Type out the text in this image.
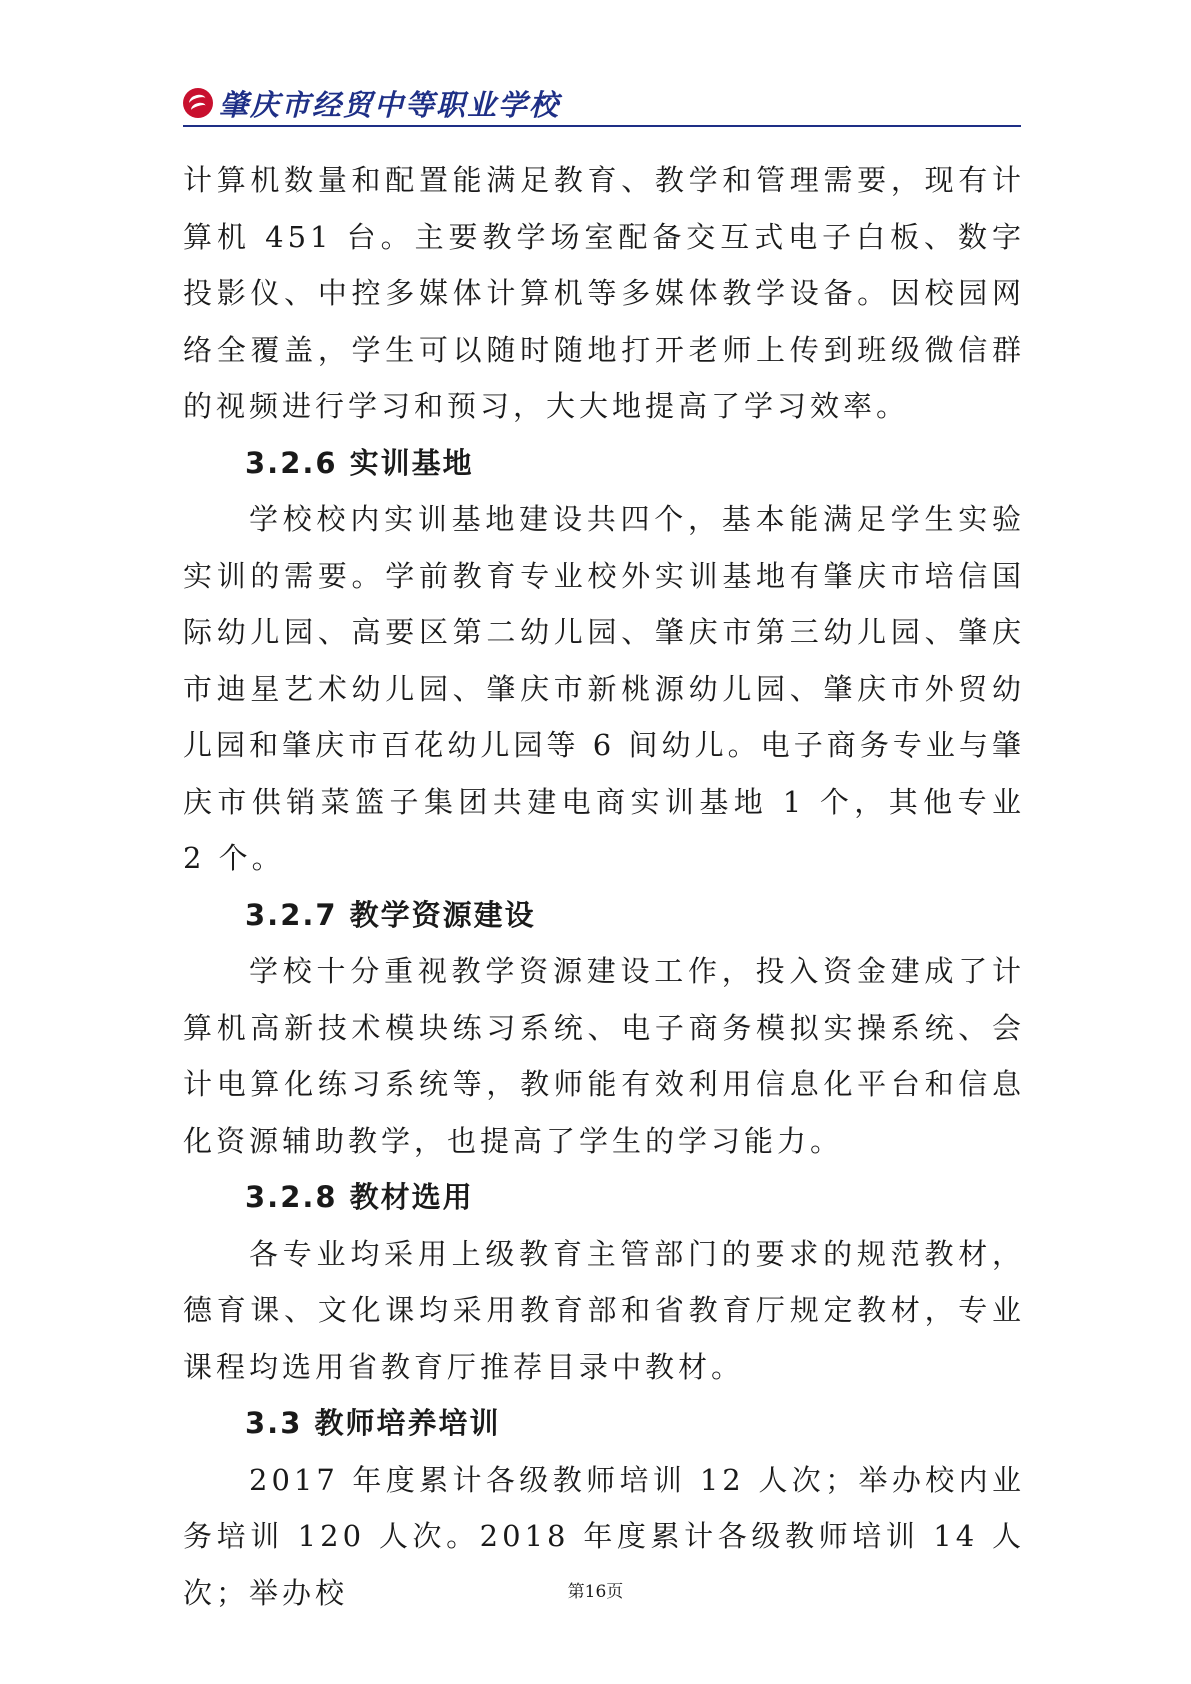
肇庆市经贸中等职业学校

计算机数量和配置能满足教育、教学和管理需要，现有计算机 451 台。主要教学场室配备交互式电子白板、数字投影仪、中控多媒体计算机等多媒体教学设备。因校园网络全覆盖，学生可以随时随地打开老师上传到班级微信群的视频进行学习和预习，大大地提高了学习效率。

3.2.6 实训基地

学校校内实训基地建设共四个，基本能满足学生实验实训的需要。学前教育专业校外实训基地有肇庆市培信国际幼儿园、高要区第二幼儿园、肇庆市第三幼儿园、肇庆市迪星艺术幼儿园、肇庆市新桃源幼儿园、肇庆市外贸幼儿园和肇庆市百花幼儿园等 6 间幼儿。电子商务专业与肇庆市供销菜篮子集团共建电商实训基地 1 个，其他专业 2 个。

3.2.7 教学资源建设

学校十分重视教学资源建设工作，投入资金建成了计算机高新技术模块练习系统、电子商务模拟实操系统、会计电算化练习系统等，教师能有效利用信息化平台和信息化资源辅助教学，也提高了学生的学习能力。

3.2.8 教材选用

各专业均采用上级教育主管部门的要求的规范教材，德育课、文化课均采用教育部和省教育厅规定教材，专业课程均选用省教育厅推荐目录中教材。

3.3 教师培养培训

2017 年度累计各级教师培训 12 人次；举办校内业务培训 120 人次。2018 年度累计各级教师培训 14 人次；举办校	第16页
